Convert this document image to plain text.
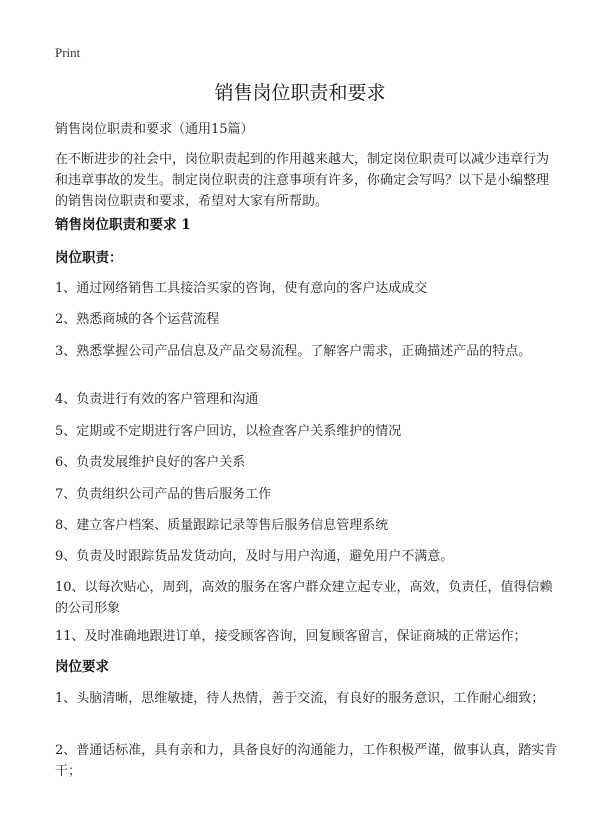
Print
销售岗位职责和要求
销售岗位职责和要求（通用15篇）
在不断进步的社会中，岗位职责起到的作用越来越大，制定岗位职责可以减少违章行为和违章事故的发生。制定岗位职责的注意事项有许多，你确定会写吗？以下是小编整理的销售岗位职责和要求，希望对大家有所帮助。
销售岗位职责和要求 1
岗位职责：
1、通过网络销售工具接洽买家的咨询，使有意向的客户达成成交
2、熟悉商城的各个运营流程
3、熟悉掌握公司产品信息及产品交易流程。了解客户需求，正确描述产品的特点。
4、负责进行有效的客户管理和沟通
5、定期或不定期进行客户回访，以检查客户关系维护的情况
6、负责发展维护良好的客户关系
7、负责组织公司产品的售后服务工作
8、建立客户档案、质量跟踪记录等售后服务信息管理系统
9、负责及时跟踪货品发货动向，及时与用户沟通，避免用户不满意。
10、以每次贴心，周到，高效的服务在客户群众建立起专业，高效，负责任，值得信赖的公司形象
11、及时准确地跟进订单，接受顾客咨询，回复顾客留言，保证商城的正常运作；
岗位要求
1、头脑清晰，思维敏捷，待人热情，善于交流，有良好的服务意识，工作耐心细致；
2、普通话标准，具有亲和力，具备良好的沟通能力，工作积极严谨，做事认真，踏实肯干；
